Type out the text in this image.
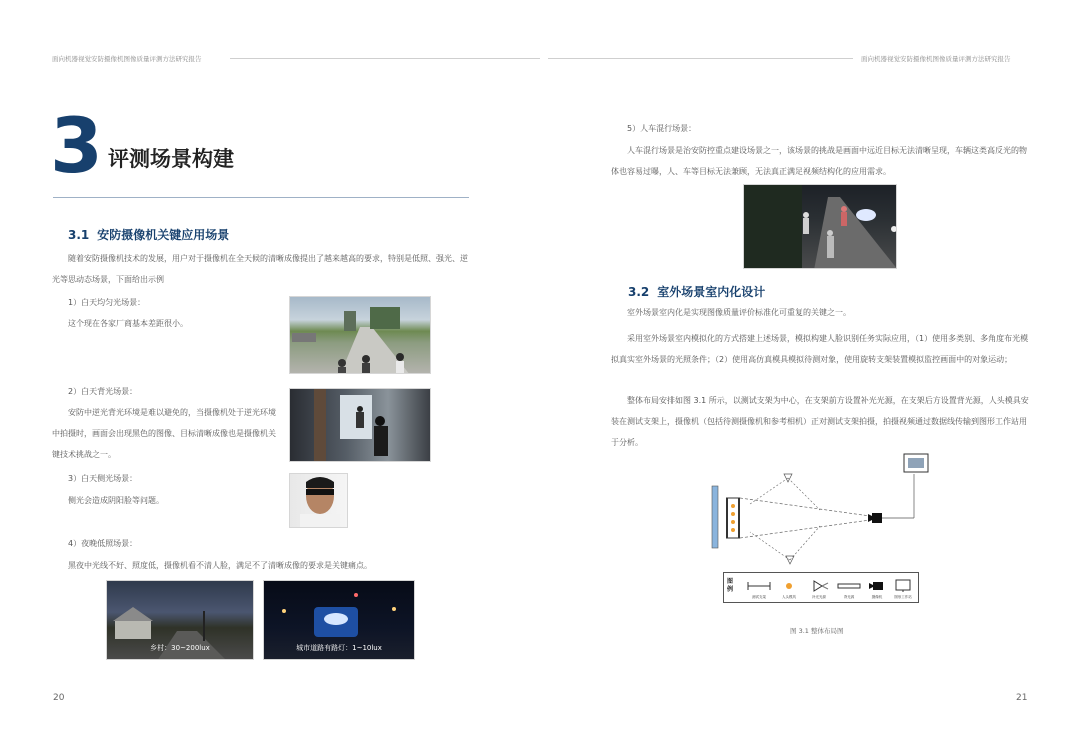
面向机器视觉安防摄像机图像质量评测方法研究报告	面向机器视觉安防摄像机图像质量评测方法研究报告
3 评测场景构建
3.1 安防摄像机关键应用场景
随着安防摄像机技术的发展，用户对于摄像机在全天候的清晰成像提出了越来越高的要求，特别是低照、强光、逆光等思动态场景，下面给出示例
1）白天均匀光场景：
这个现在各家厂商基本差距很小。
2）白天背光场景：
安防中逆光背光环境是难以避免的，当摄像机处于逆光环境中拍摄时，画面会出现黑色的图像、目标清晰成像也是摄像机关键技术挑战之一。
3）白天侧光场景：
侧光会造成阴阳脸等问题。
4）夜晚低照场景：
黑夜中光线不好、照度低，摄像机看不清人脸，满足不了清晰成像的要求是关键痛点。
乡村：30~200lux	城市道路有路灯：1~10lux
20
5）人车混行场景：
人车混行场景是治安防控重点建设场景之一，该场景的挑战是画面中远近目标无法清晰呈现，车辆这类高反光的物体也容易过曝，人、车等目标无法兼顾，无法真正满足视频结构化的应用需求。
3.2 室外场景室内化设计
室外场景室内化是实现图像质量评价标准化可重复的关键之一。
采用室外场景室内模拟化的方式搭建上述场景，模拟构建人脸识别任务实际应用，（1）使用多类别、多角度布光模拟真实室外场景的光照条件；（2）使用高仿真模具模拟待测对象，使用旋转支架装置模拟监控画面中的对象运动；
整体布局安排如图 3.1 所示，以测试支架为中心，在支架前方设置补光光源，在支架后方设置背光源，人头模具安装在测试支架上，摄像机（包括待测摄像机和参考相机）正对测试支架拍摄，拍摄视频通过数据线传输到图形工作站用于分析。
图例
测试支架	人头模具	补光光源	背光源	摄像机	图形工作站
图 3.1 整体布局图
21
